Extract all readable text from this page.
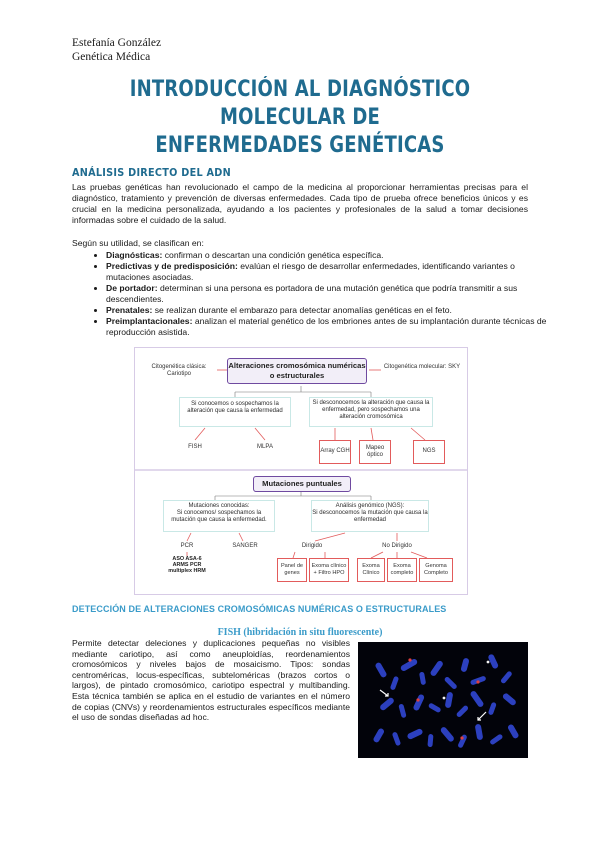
Estefanía González
Genética Médica
INTRODUCCIÓN AL DIAGNÓSTICO MOLECULAR DE
ENFERMEDADES GENÉTICAS
ANÁLISIS DIRECTO DEL ADN
Las pruebas genéticas han revolucionado el campo de la medicina al proporcionar herramientas precisas para el diagnóstico, tratamiento y prevención de diversas enfermedades. Cada tipo de prueba ofrece beneficios únicos y es crucial en la medicina personalizada, ayudando a los pacientes y profesionales de la salud a tomar decisiones informadas sobre el cuidado de la salud.
Según su utilidad, se clasifican en:
• Diagnósticas: confirman o descartan una condición genética específica.
• Predictivas y de predisposición: evalúan el riesgo de desarrollar enfermedades, identificando variantes o mutaciones asociadas.
• De portador: determinan si una persona es portadora de una mutación genética que podría transmitir a sus descendientes.
• Prenatales: se realizan durante el embarazo para detectar anomalías genéticas en el feto.
• Preimplantacionales: analizan el material genético de los embriones antes de su implantación durante técnicas de reproducción asistida.
Citogenética clásica: Cariotipo
Alteraciones cromosómica numéricas o estructurales
Citogenética molecular: SKY
Si conocemos o sospechamos la alteración que causa la enfermedad
Si desconocemos la alteración que causa la enfermedad, pero sospechamos una alteración cromosómica
FISH	MLPA
Array CGH
Mapeo óptico
NGS
Mutaciones puntuales
Mutaciones conocidas:
Si conocemos/ sospechamos la mutación que causa la enfermedad.
Análisis genómico (NGS):
Si desconocemos la mutación que causa la enfermedad
PCR	SANGER	Dirigido	No Dirigido
ASO ASA-6 ARMS PCR multiplex HRM
Panel de genes
Exoma clínico + Filtro HPO
Exoma Clínico
Exoma completo
Genoma Completo
DETECCIÓN DE ALTERACIONES CROMOSÓMICAS NUMÉRICAS O ESTRUCTURALES
FISH (hibridación in situ fluorescente)
Permite detectar deleciones y duplicaciones pequeñas no visibles mediante cariotipo, así como aneuploidías, reordenamientos cromosómicos y niveles bajos de mosaicismo. Tipos: sondas centroméricas, locus-específicas, subteloméricas (brazos cortos o largos), de pintado cromosómico, cariotipo espectral y multibanding. Esta técnica también se aplica en el estudio de variantes en el número de copias (CNVs) y reordenamientos estructurales específicos mediante el uso de sondas diseñadas ad hoc.
